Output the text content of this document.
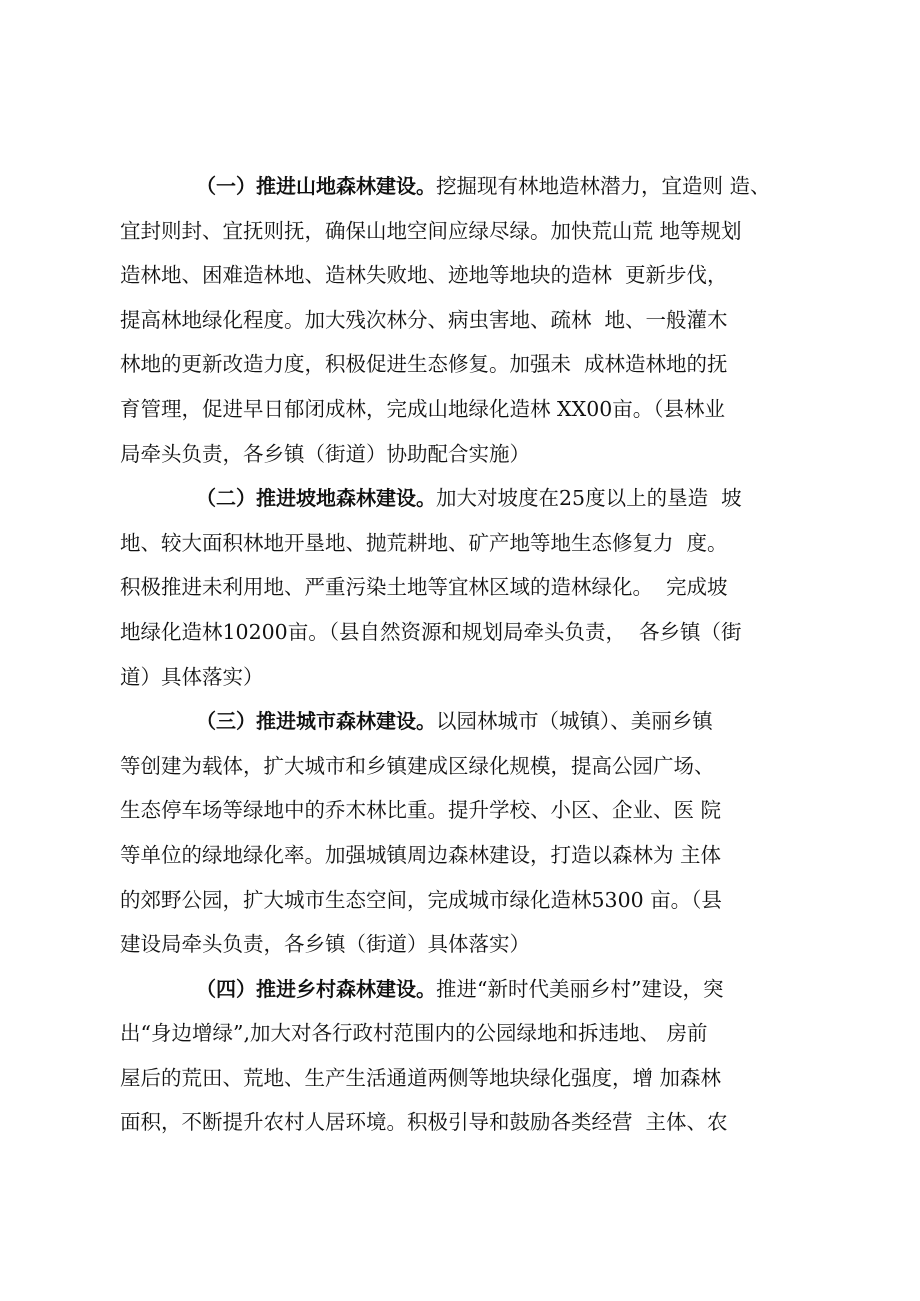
（一）推进山地森林建设。挖掘现有林地造林潜力，宜造则 造、
宜封则封、宜抚则抚，确保山地空间应绿尽绿。加快荒山荒 地等规划
造林地、困难造林地、造林失败地、迹地等地块的造林  更新步伐，
提高林地绿化程度。加大残次林分、病虫害地、疏林  地、一般灌木
林地的更新改造力度，积极促进生态修复。加强未  成林造林地的抚
育管理，促进早日郁闭成林，完成山地绿化造林 XX00亩。（县林业
局牵头负责，各乡镇（街道）协助配合实施）
（二）推进坡地森林建设。加大对坡度在25度以上的垦造  坡
地、较大面积林地开垦地、抛荒耕地、矿产地等地生态修复力  度。
积极推进未利用地、严重污染土地等宜林区域的造林绿化。  完成坡
地绿化造林10200亩。（县自然资源和规划局牵头负责，  各乡镇（街
道）具体落实）
（三）推进城市森林建设。以园林城市（城镇）、美丽乡镇
等创建为载体，扩大城市和乡镇建成区绿化规模，提高公园广场、
生态停车场等绿地中的乔木林比重。提升学校、小区、企业、医 院
等单位的绿地绿化率。加强城镇周边森林建设，打造以森林为 主体
的郊野公园，扩大城市生态空间，完成城市绿化造林5300 亩。（县
建设局牵头负责，各乡镇（街道）具体落实）
（四）推进乡村森林建设。推进“新时代美丽乡村”建设，突
出“身边增绿”,加大对各行政村范围内的公园绿地和拆违地、 房前
屋后的荒田、荒地、生产生活通道两侧等地块绿化强度，增 加森林
面积，不断提升农村人居环境。积极引导和鼓励各类经营  主体、农
